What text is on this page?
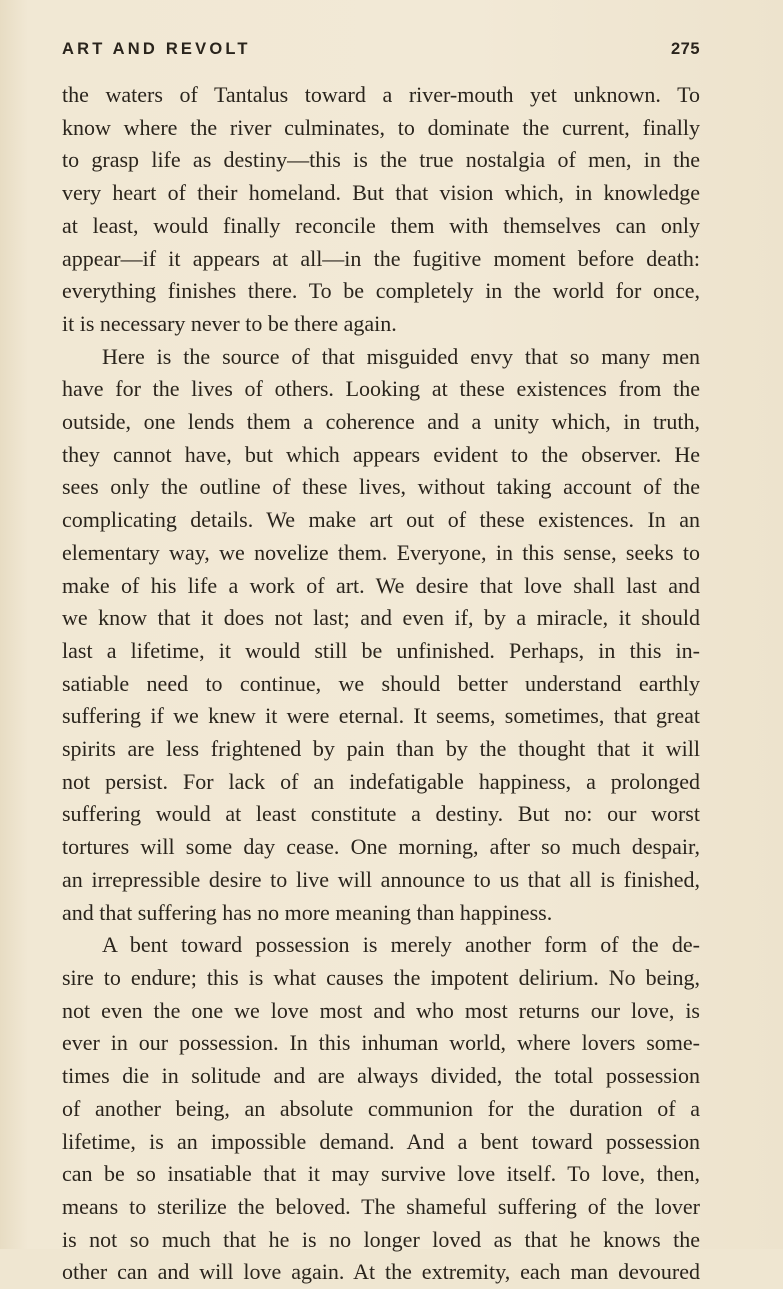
ART AND REVOLT	275
the waters of Tantalus toward a river-mouth yet unknown. To
know where the river culminates, to dominate the current, finally
to grasp life as destiny—this is the true nostalgia of men, in the
very heart of their homeland. But that vision which, in knowledge
at least, would finally reconcile them with themselves can only
appear—if it appears at all—in the fugitive moment before death:
everything finishes there. To be completely in the world for once,
it is necessary never to be there again.
Here is the source of that misguided envy that so many men
have for the lives of others. Looking at these existences from the
outside, one lends them a coherence and a unity which, in truth,
they cannot have, but which appears evident to the observer. He
sees only the outline of these lives, without taking account of the
complicating details. We make art out of these existences. In an
elementary way, we novelize them. Everyone, in this sense, seeks to
make of his life a work of art. We desire that love shall last and
we know that it does not last; and even if, by a miracle, it should
last a lifetime, it would still be unfinished. Perhaps, in this in-
satiable need to continue, we should better understand earthly
suffering if we knew it were eternal. It seems, sometimes, that great
spirits are less frightened by pain than by the thought that it will
not persist. For lack of an indefatigable happiness, a prolonged
suffering would at least constitute a destiny. But no: our worst
tortures will some day cease. One morning, after so much despair,
an irrepressible desire to live will announce to us that all is finished,
and that suffering has no more meaning than happiness.
A bent toward possession is merely another form of the de-
sire to endure; this is what causes the impotent delirium. No being,
not even the one we love most and who most returns our love, is
ever in our possession. In this inhuman world, where lovers some-
times die in solitude and are always divided, the total possession
of another being, an absolute communion for the duration of a
lifetime, is an impossible demand. And a bent toward possession
can be so insatiable that it may survive love itself. To love, then,
means to sterilize the beloved. The shameful suffering of the lover
is not so much that he is no longer loved as that he knows the
other can and will love again. At the extremity, each man devoured
